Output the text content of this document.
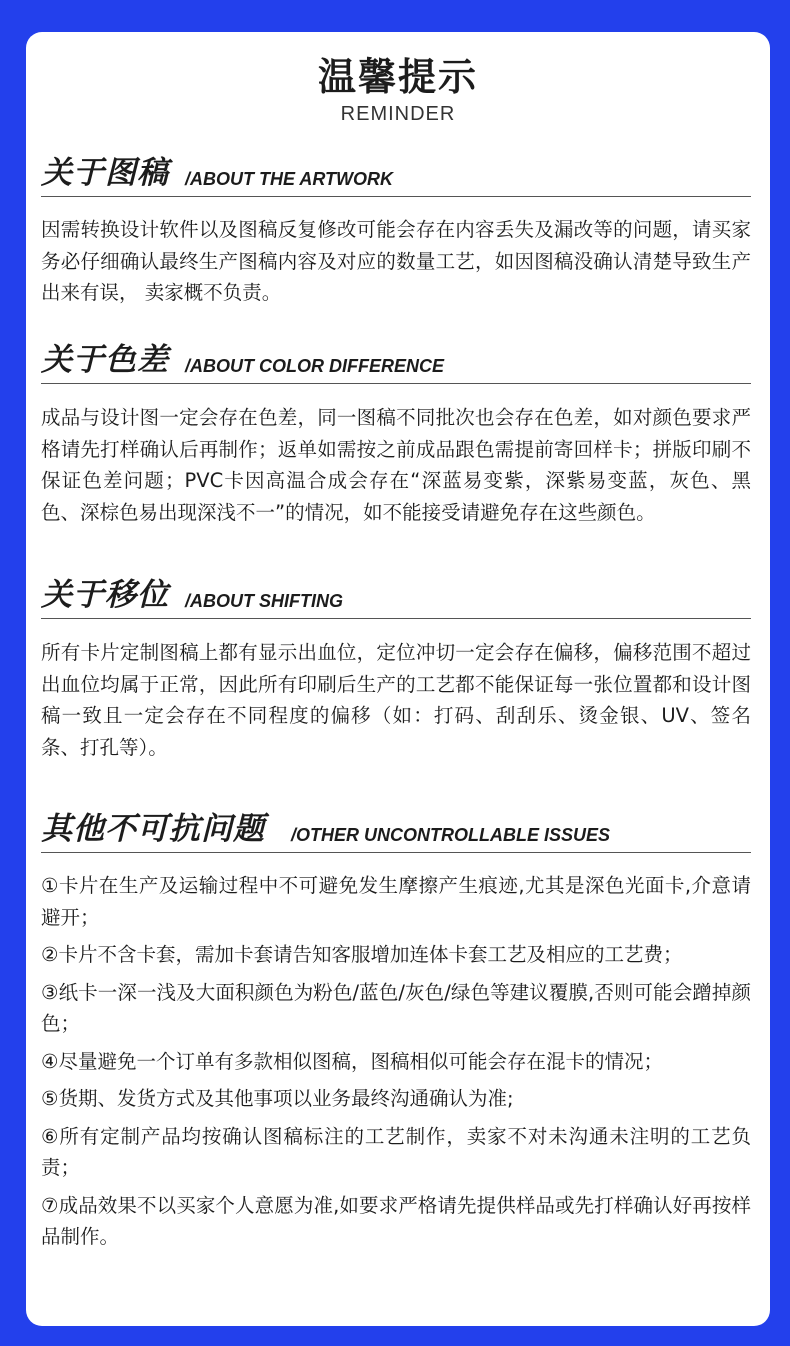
温馨提示
REMINDER
关于图稿 /ABOUT THE ARTWORK
因需转换设计软件以及图稿反复修改可能会存在内容丢失及漏改等的问题，请买家务必仔细确认最终生产图稿内容及对应的数量工艺，如因图稿没确认清楚导致生产出来有误， 卖家概不负责。
关于色差 /ABOUT COLOR DIFFERENCE
成品与设计图一定会存在色差，同一图稿不同批次也会存在色差，如对颜色要求严格请先打样确认后再制作；返单如需按之前成品跟色需提前寄回样卡；拼版印刷不保证色差问题；PVC卡因高温合成会存在“深蓝易变紫，深紫易变蓝，灰色、黑色、深棕色易出现深浅不一”的情况，如不能接受请避免存在这些颜色。
关于移位 /ABOUT SHIFTING
所有卡片定制图稿上都有显示出血位，定位冲切一定会存在偏移，偏移范围不超过出血位均属于正常，因此所有印刷后生产的工艺都不能保证每一张位置都和设计图稿一致且一定会存在不同程度的偏移（如：打码、刮刮乐、烫金银、UV、签名条、打孔等）。
其他不可抗问题 /OTHER UNCONTROLLABLE ISSUES
①卡片在生产及运输过程中不可避免发生摩擦产生痕迹,尤其是深色光面卡,介意请避开；
②卡片不含卡套，需加卡套请告知客服增加连体卡套工艺及相应的工艺费；
③纸卡一深一浅及大面积颜色为粉色/蓝色/灰色/绿色等建议覆膜,否则可能会蹭掉颜色；
④尽量避免一个订单有多款相似图稿，图稿相似可能会存在混卡的情况；
⑤货期、发货方式及其他事项以业务最终沟通确认为准;
⑥所有定制产品均按确认图稿标注的工艺制作，卖家不对未沟通未注明的工艺负责；
⑦成品效果不以买家个人意愿为准,如要求严格请先提供样品或先打样确认好再按样品制作。
